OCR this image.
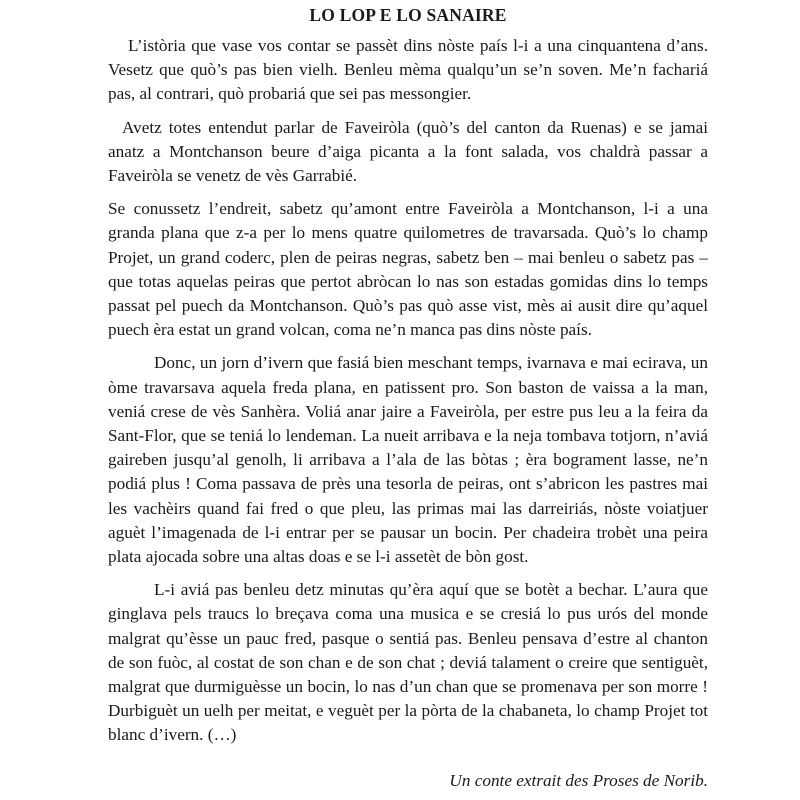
LO LOP E LO SANAIRE

L’istòria que vase vos contar se passèt dins nòste país l-i a una cinquantena d’ans. Vesetz que quò’s pas bien vielh. Benleu mèma qualqu’un se’n soven. Me’n fachariá pas, al contrari, quò probariá que sei pas messongier.

Avetz totes entendut parlar de Faveiròla (quò’s del canton da Ruenas) e se jamai anatz a Montchanson beure d’aiga picanta a la font salada, vos chaldrà passar a Faveiròla se venetz de vès Garrabié.

Se conussetz l’endreit, sabetz qu’amont entre Faveiròla a Montchanson, l-i a una granda plana que z-a per lo mens quatre quilometres de travarsada. Quò’s lo champ Projet, un grand coderc, plen de peiras negras, sabetz ben – mai benleu o sabetz pas – que totas aquelas peiras que pertot abròcan lo nas son estadas gomidas dins lo temps passat pel puech da Montchanson. Quò’s pas quò asse vist, mès ai ausit dire qu’aquel puech èra estat un grand volcan, coma ne’n manca pas dins nòste país.

Donc, un jorn d’ivern que fasiá bien meschant temps, ivarnava e mai ecirava, un òme travarsava aquela freda plana, en patissent pro. Son baston de vaissa a la man, veniá crese de vès Sanhèra. Voliá anar jaire a Faveiròla, per estre pus leu a la feira da Sant-Flor, que se teniá lo lendeman. La nueit arribava e la neja tombava totjorn, n’aviá gaireben jusqu’al genolh, li arribava a l’ala de las bòtas ; èra bograment lasse, ne’n podiá plus ! Coma passava de près una tesorla de peiras, ont s’abricon les pastres mai les vachèirs quand fai fred o que pleu, las primas mai las darreiriás, nòste voiatjuer aguèt l’imagenada de l-i entrar per se pausar un bocin. Per chadeira trobèt una peira plata ajocada sobre una altas doas e se l-i assetèt de bòn gost.

L-i aviá pas benleu detz minutas qu’èra aquí que se botèt a bechar. L’aura que ginglava pels traucs lo breçava coma una musica e se cresiá lo pus urós del monde malgrat qu’èsse un pauc fred, pasque o sentiá pas. Benleu pensava d’estre al chanton de son fuòc, al costat de son chan e de son chat ; deviá talament o creire que sentiguèt, malgrat que durmiguèsse un bocin, lo nas d’un chan que se promenava per son morre ! Durbiguèt un uelh per meitat, e veguèt per la pòrta de la chabaneta, lo champ Projet tot blanc d’ivern. (…)

Un conte extrait des Proses de Norib.
